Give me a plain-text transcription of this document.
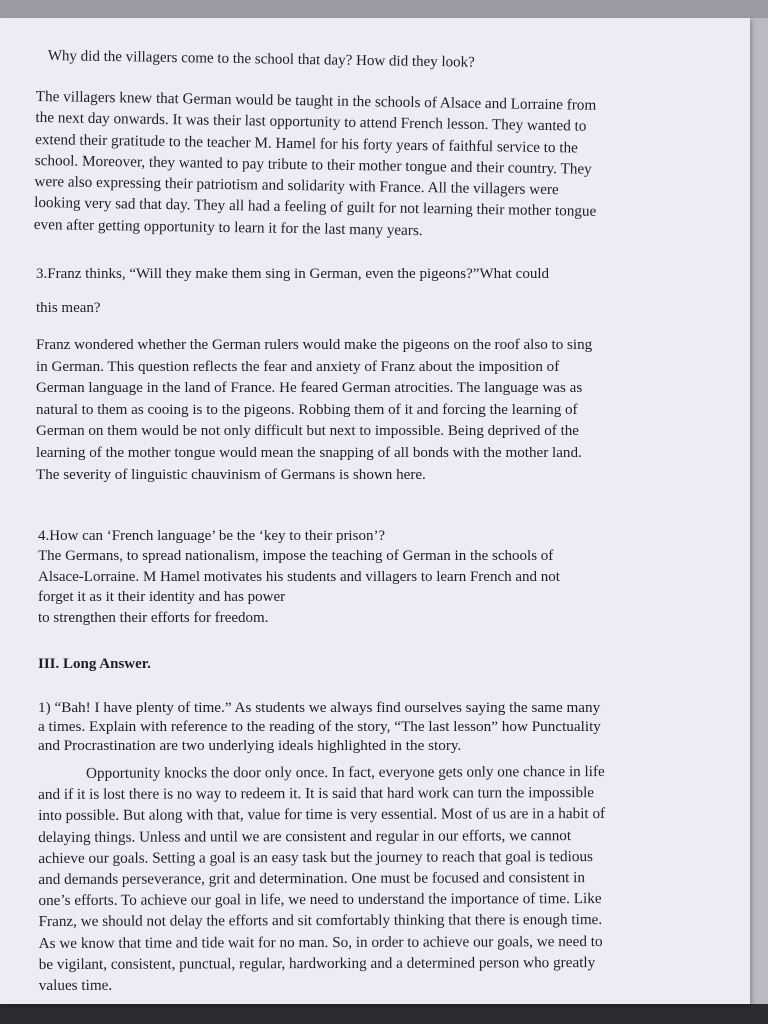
Why did the villagers come to the school that day? How did they look?
The villagers knew that German would be taught in the schools of Alsace and Lorraine from
the next day onwards. It was their last opportunity to attend French lesson. They wanted to
extend their gratitude to the teacher M. Hamel for his forty years of faithful service to the
school. Moreover, they wanted to pay tribute to their mother tongue and their country. They
were also expressing their patriotism and solidarity with France. All the villagers were
looking very sad that day. They all had a feeling of guilt for not learning their mother tongue
even after getting opportunity to learn it for the last many years.
3.Franz thinks, “Will they make them sing in German, even the pigeons?”What could
this mean?
Franz wondered whether the German rulers would make the pigeons on the roof also to sing
in German. This question reflects the fear and anxiety of Franz about the imposition of
German language in the land of France. He feared German atrocities. The language was as
natural to them as cooing is to the pigeons. Robbing them of it and forcing the learning of
German on them would be not only difficult but next to impossible. Being deprived of the
learning of the mother tongue would mean the snapping of all bonds with the mother land.
The severity of linguistic chauvinism of Germans is shown here.
4.How can ‘French language’ be the ‘key to their prison’?
The Germans, to spread nationalism, impose the teaching of German in the schools of
Alsace-Lorraine. M Hamel motivates his students and villagers to learn French and not
forget it as it their identity and has power
to strengthen their efforts for freedom.
III. Long Answer.
1) “Bah! I have plenty of time.” As students we always find ourselves saying the same many
a times. Explain with reference to the reading of the story, “The last lesson” how Punctuality
and Procrastination are two underlying ideals highlighted in the story.
Opportunity knocks the door only once. In fact, everyone gets only one chance in life
and if it is lost there is no way to redeem it. It is said that hard work can turn the impossible
into possible. But along with that, value for time is very essential. Most of us are in a habit of
delaying things. Unless and until we are consistent and regular in our efforts, we cannot
achieve our goals. Setting a goal is an easy task but the journey to reach that goal is tedious
and demands perseverance, grit and determination. One must be focused and consistent in
one’s efforts. To achieve our goal in life, we need to understand the importance of time. Like
Franz, we should not delay the efforts and sit comfortably thinking that there is enough time.
As we know that time and tide wait for no man. So, in order to achieve our goals, we need to
be vigilant, consistent, punctual, regular, hardworking and a determined person who greatly
values time.
